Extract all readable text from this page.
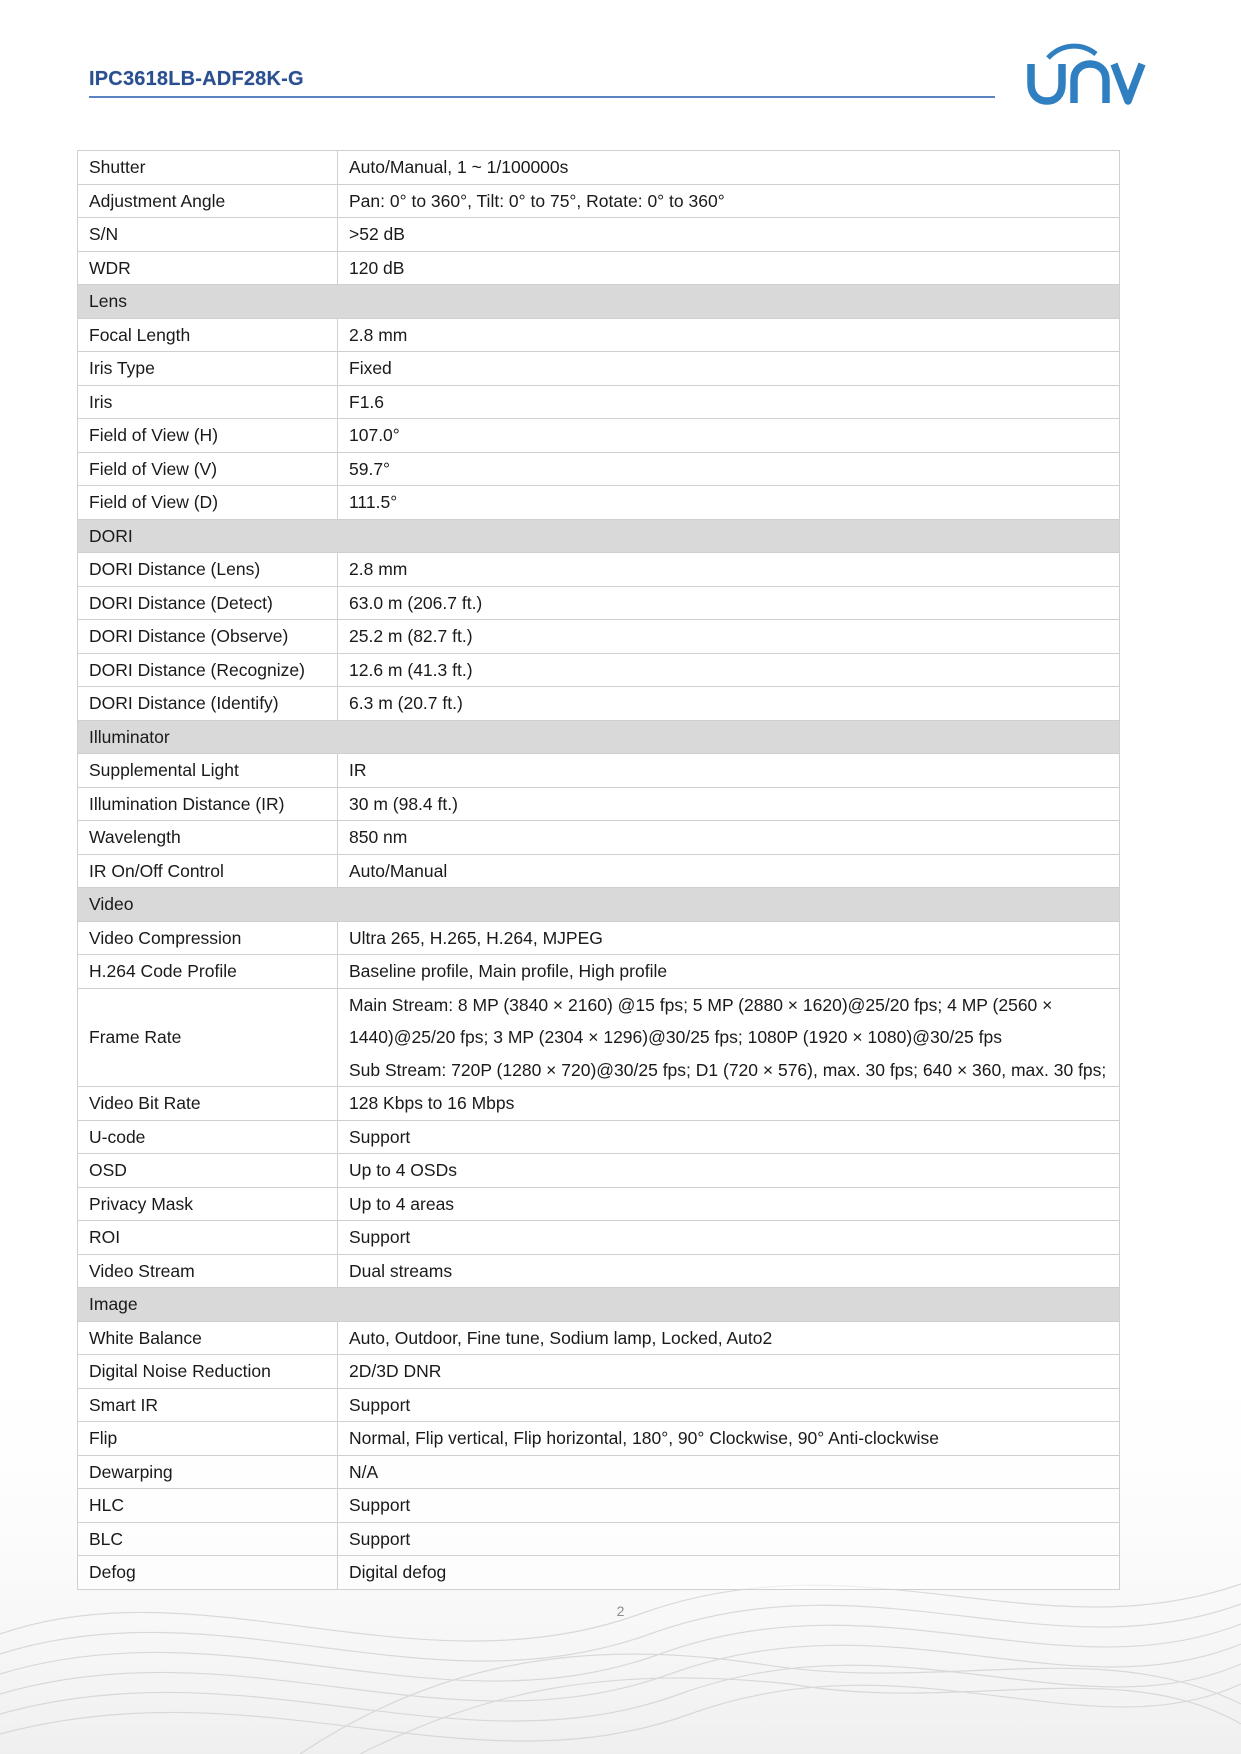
IPC3618LB-ADF28K-G
Shutter	Auto/Manual, 1 ~ 1/100000s
Adjustment Angle	Pan: 0° to 360°, Tilt: 0° to 75°, Rotate: 0° to 360°
S/N	>52 dB
WDR	120 dB
Lens	
Focal Length	2.8 mm
Iris Type	Fixed
Iris	F1.6
Field of View (H)	107.0°
Field of View (V)	59.7°
Field of View (D)	111.5°
DORI	
DORI Distance (Lens)	2.8 mm
DORI Distance (Detect)	63.0 m (206.7 ft.)
DORI Distance (Observe)	25.2 m (82.7 ft.)
DORI Distance (Recognize)	12.6 m (41.3 ft.)
DORI Distance (Identify)	6.3 m (20.7 ft.)
Illuminator	
Supplemental Light	IR
Illumination Distance (IR)	30 m (98.4 ft.)
Wavelength	850 nm
IR On/Off Control	Auto/Manual
Video	
Video Compression	Ultra 265, H.265, H.264, MJPEG
H.264 Code Profile	Baseline profile, Main profile, High profile
Frame Rate	Main Stream: 8 MP (3840 × 2160) @15 fps; 5 MP (2880 × 1620)@25/20 fps; 4 MP (2560 ×
1440)@25/20 fps; 3 MP (2304 × 1296)@30/25 fps; 1080P (1920 × 1080)@30/25 fps
Sub Stream: 720P (1280 × 720)@30/25 fps; D1 (720 × 576), max. 30 fps; 640 × 360, max. 30 fps;

Video Bit Rate	128 Kbps to 16 Mbps
U-code	Support
OSD	Up to 4 OSDs
Privacy Mask	Up to 4 areas
ROI	Support
Video Stream	Dual streams
Image	
White Balance	Auto, Outdoor, Fine tune, Sodium lamp, Locked, Auto2
Digital Noise Reduction	2D/3D DNR
Smart IR	Support
Flip	Normal, Flip vertical, Flip horizontal, 180°, 90° Clockwise, 90° Anti-clockwise
Dewarping	N/A
HLC	Support
BLC	Support
Defog	Digital defog
2
